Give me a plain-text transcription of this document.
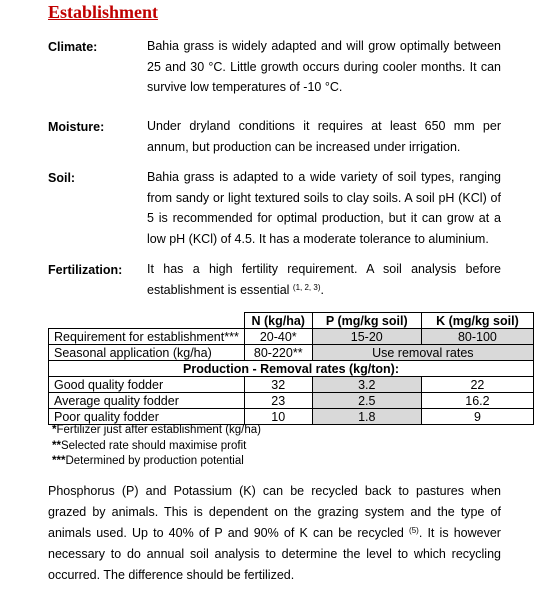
Establishment
Climate:	Bahia grass is widely adapted and will grow optimally between 25 and 30 °C. Little growth occurs during cooler months. It can survive low temperatures of -10 °C.
Moisture:	Under dryland conditions it requires at least 650 mm per annum, but production can be increased under irrigation.
Soil:	Bahia grass is adapted to a wide variety of soil types, ranging from sandy or light textured soils to clay soils. A soil pH (KCl) of 5 is recommended for optimal production, but it can grow at a low pH (KCl) of 4.5. It has a moderate tolerance to aluminium.
Fertilization: It has a high fertility requirement. A soil analysis before
establishment is essential $^{(1, 2, 3)}$.
	N (kg/ha)	P (mg/kg soil)	K (mg/kg soil)
Requirement for establishment***	20-40*	15-20	80-100
Seasonal application (kg/ha)	80-220**	Use removal rates	
Production - Removal rates (kg/ton):			
Good quality fodder	32	3.2	22
Average quality fodder	23	2.5	16.2
Poor quality fodder	10	1.8	9
*Fertilizer just after establishment (kg/ha)
**Selected rate should maximise profit
***Determined by production potential
Phosphorus (P) and Potassium (K) can be recycled back to pastures when grazed by animals. This is dependent on the grazing system and the type of animals used. Up to 40% of P and 90% of K can be recycled $^{(5)}$. It is however necessary to do annual soil analysis to determine the level to which recycling occurred. The difference should be fertilized.
